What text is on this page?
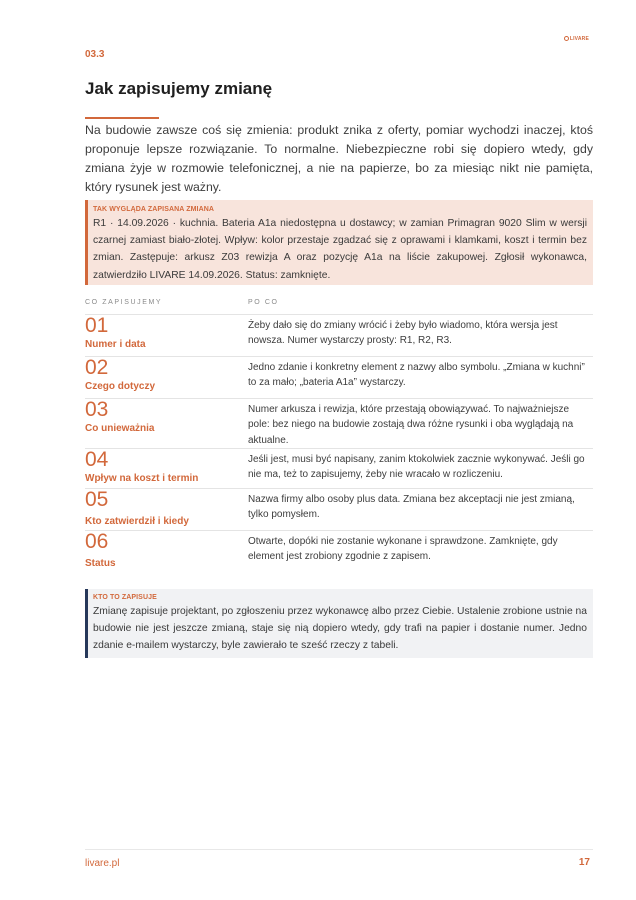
LIVARE
03.3
Jak zapisujemy zmianę

Na budowie zawsze coś się zmienia: produkt znika z oferty, pomiar wychodzi inaczej, ktoś proponuje lepsze rozwiązanie. To normalne. Niebezpieczne robi się dopiero wtedy, gdy zmiana żyje w rozmowie telefonicznej, a nie na papierze, bo za miesiąc nikt nie pamięta, który rysunek jest ważny.

TAK WYGLĄDA ZAPISANA ZMIANA
R1 · 14.09.2026 · kuchnia. Bateria A1a niedostępna u dostawcy; w zamian Primagran 9020 Slim w wersji czarnej zamiast biało-złotej. Wpływ: kolor przestaje zgadzać się z oprawami i klamkami, koszt i termin bez zmian. Zastępuje: arkusz Z03 rewizja A oraz pozycję A1a na liście zakupowej. Zgłosił wykonawca, zatwierdziło LIVARE 14.09.2026. Status: zamknięte.
CO ZAPISUJEMY	PO CO
01
Numer i data
Żeby dało się do zmiany wrócić i żeby było wiadomo, która wersja jest nowsza. Numer wystarczy prosty: R1, R2, R3.
02
Czego dotyczy
Jedno zdanie i konkretny element z nazwy albo symbolu. „Zmiana w kuchni” to za mało; „bateria A1a” wystarczy.
03
Co unieważnia
Numer arkusza i rewizja, które przestają obowiązywać. To najważniejsze pole: bez niego na budowie zostają dwa różne rysunki i oba wyglądają na aktualne.
04
Wpływ na koszt i termin
Jeśli jest, musi być napisany, zanim ktokolwiek zacznie wykonywać. Jeśli go nie ma, też to zapisujemy, żeby nie wracało w rozliczeniu.
05
Kto zatwierdził i kiedy
Nazwa firmy albo osoby plus data. Zmiana bez akceptacji nie jest zmianą, tylko pomysłem.
06
Status
Otwarte, dopóki nie zostanie wykonane i sprawdzone. Zamknięte, gdy element jest zrobiony zgodnie z zapisem.
KTO TO ZAPISUJE
Zmianę zapisuje projektant, po zgłoszeniu przez wykonawcę albo przez Ciebie. Ustalenie zrobione ustnie na budowie nie jest jeszcze zmianą, staje się nią dopiero wtedy, gdy trafi na papier i dostanie numer. Jedno zdanie e-mailem wystarczy, byle zawierało te sześć rzeczy z tabeli.
livare.pl	17
